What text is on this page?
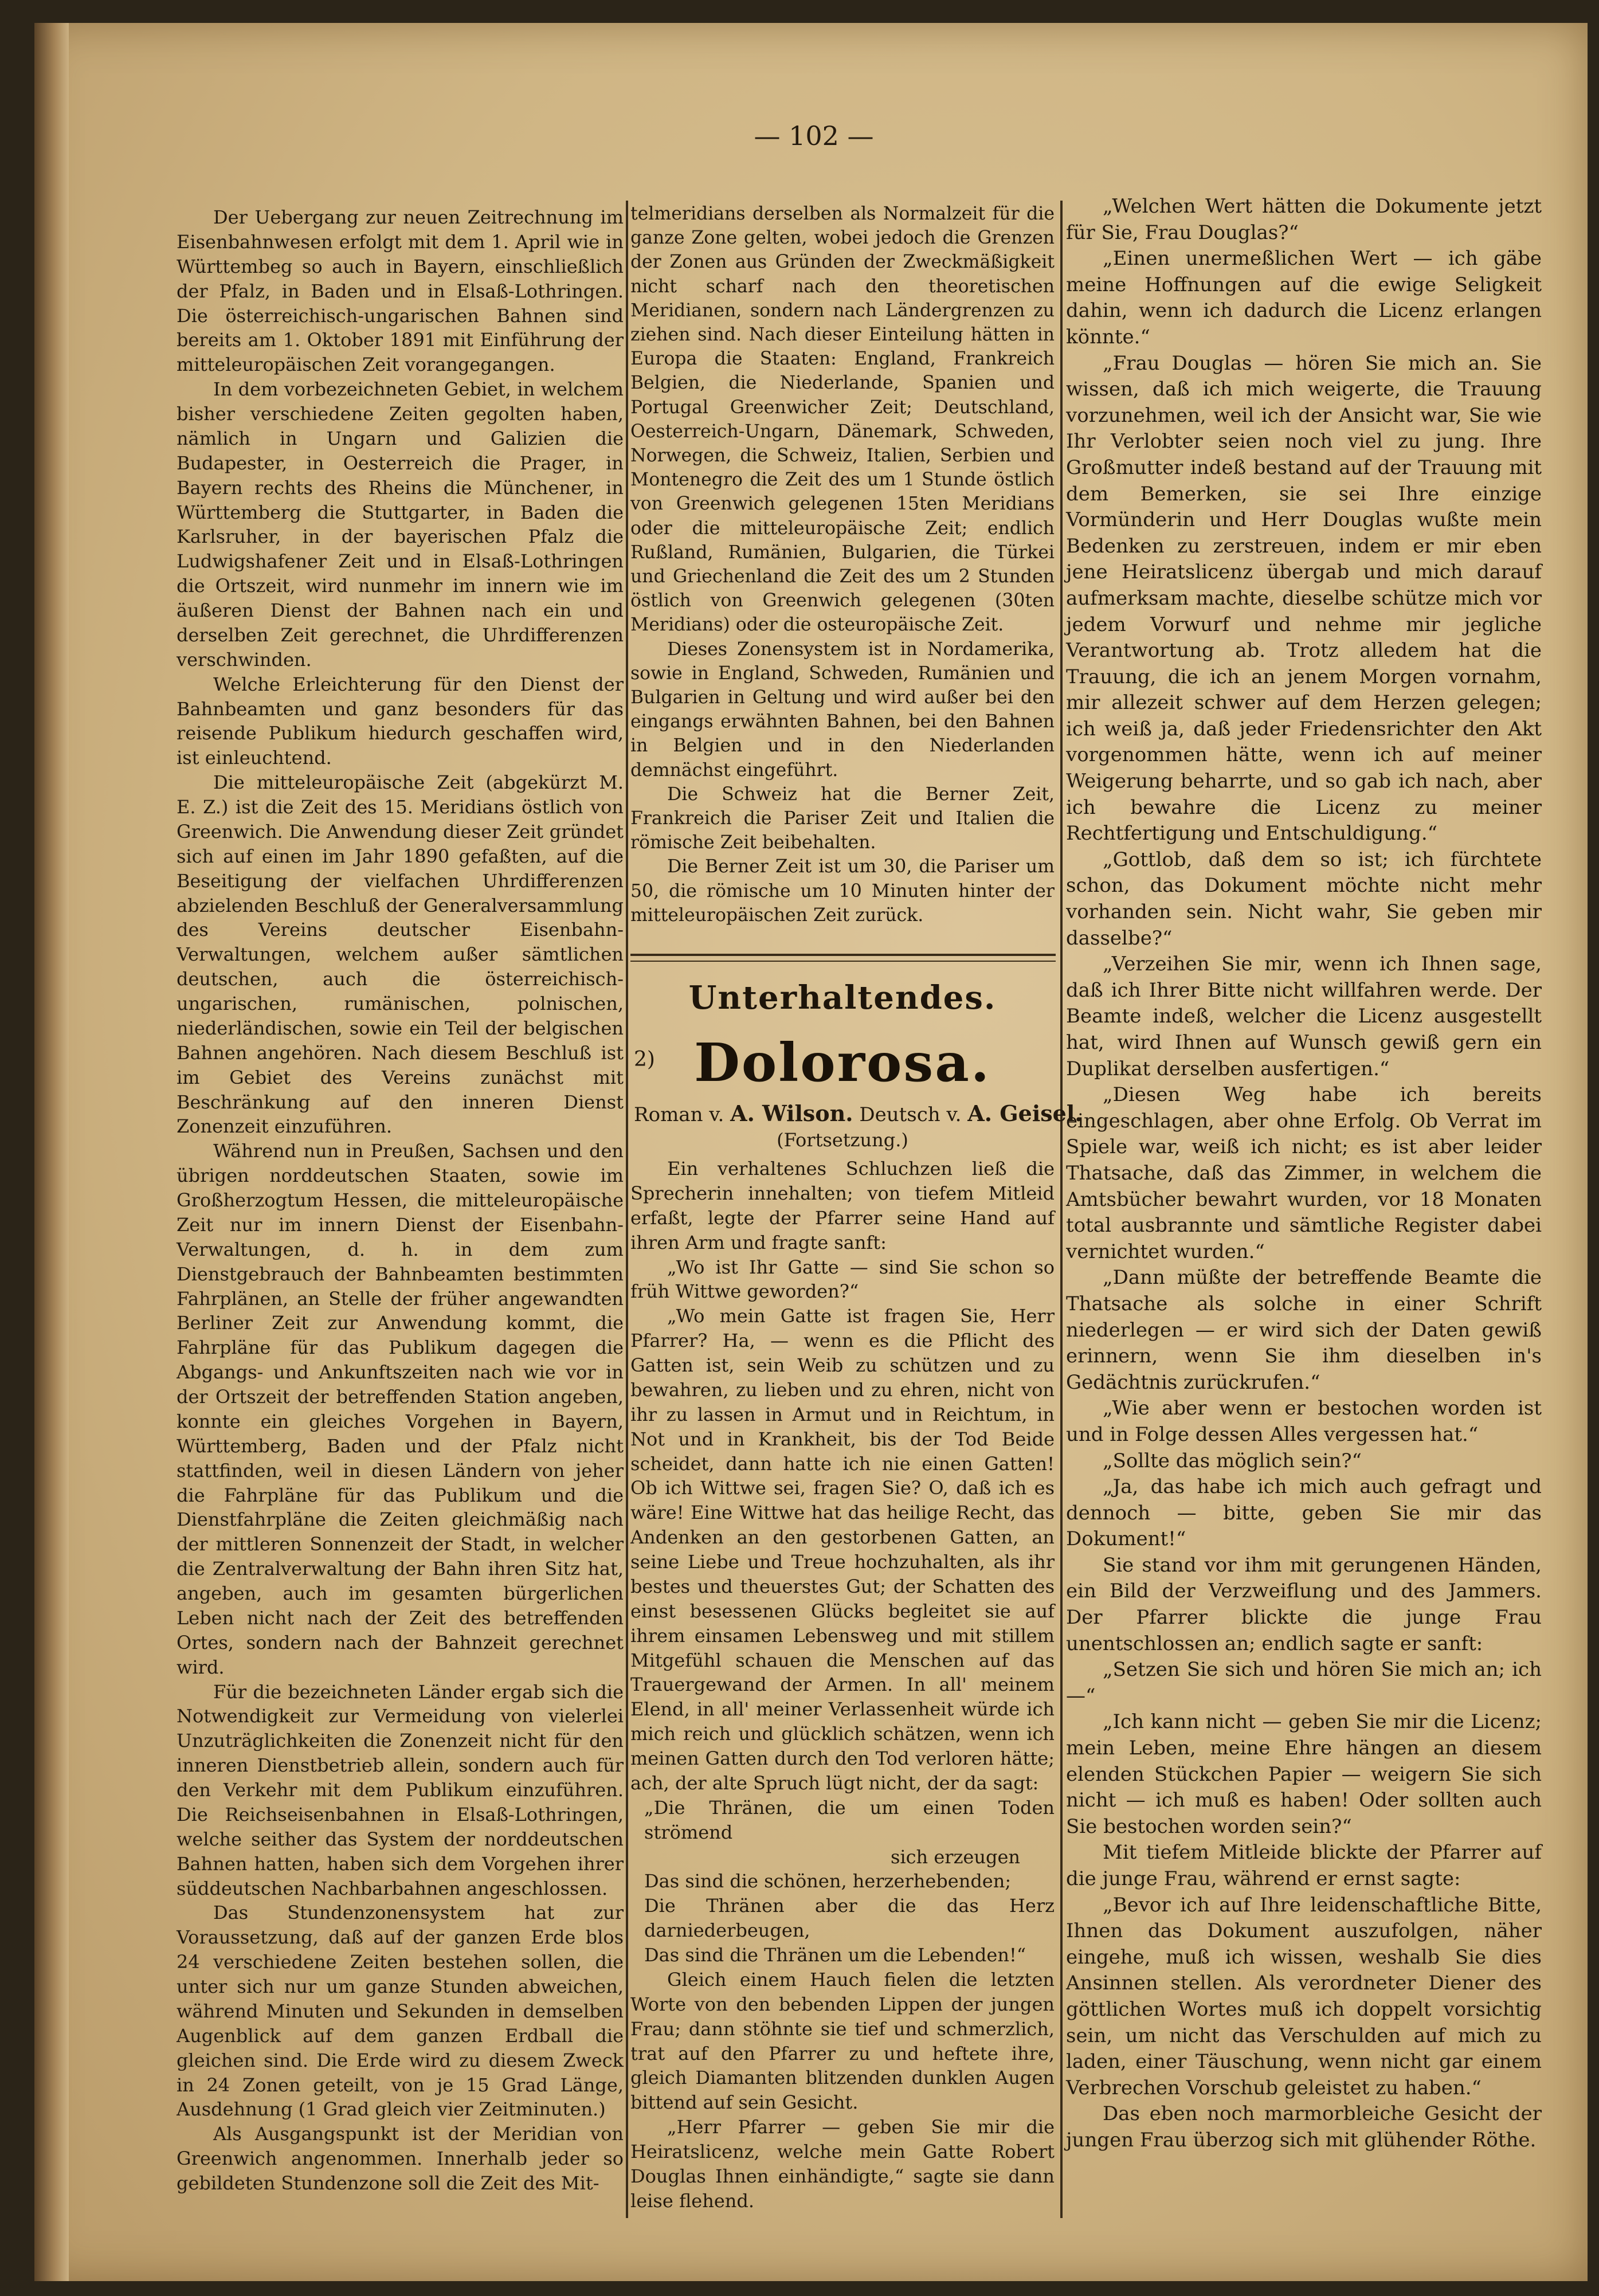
— 102 —

Der Uebergang zur neuen Zeitrechnung im Eisenbahnwesen erfolgt mit dem 1. April wie in Württembeg so auch in Bayern, einschließlich der Pfalz, in Baden und in Elsaß-Lothringen. Die österreichisch-ungarischen Bahnen sind bereits am 1. Oktober 1891 mit Einführung der mitteleuropäischen Zeit vorangegangen.

In dem vorbezeichneten Gebiet, in welchem bisher verschiedene Zeiten gegolten haben, nämlich in Ungarn und Galizien die Budapester, in Oesterreich die Prager, in Bayern rechts des Rheins die Münchener, in Württemberg die Stuttgarter, in Baden die Karlsruher, in der bayerischen Pfalz die Ludwigshafener Zeit und in Elsaß-Lothringen die Ortszeit, wird nunmehr im innern wie im äußeren Dienst der Bahnen nach ein und derselben Zeit gerechnet, die Uhrdifferenzen verschwinden.

Welche Erleichterung für den Dienst der Bahnbeamten und ganz besonders für das reisende Publikum hiedurch geschaffen wird, ist einleuchtend.

Die mitteleuropäische Zeit (abgekürzt M. E. Z.) ist die Zeit des 15. Meridians östlich von Greenwich. Die Anwendung dieser Zeit gründet sich auf einen im Jahr 1890 gefaßten, auf die Beseitigung der vielfachen Uhrdifferenzen abzielenden Beschluß der Generalversammlung des Vereins deutscher Eisenbahn-Verwaltungen, welchem außer sämtlichen deutschen, auch die österreichisch-ungarischen, rumänischen, polnischen, niederländischen, sowie ein Teil der belgischen Bahnen angehören. Nach diesem Beschluß ist im Gebiet des Vereins zunächst mit Beschränkung auf den inneren Dienst Zonenzeit einzuführen.

Während nun in Preußen, Sachsen und den übrigen norddeutschen Staaten, sowie im Großherzogtum Hessen, die mitteleuropäische Zeit nur im innern Dienst der Eisenbahn-Verwaltungen, d. h. in dem zum Dienstgebrauch der Bahnbeamten bestimmten Fahrplänen, an Stelle der früher angewandten Berliner Zeit zur Anwendung kommt, die Fahrpläne für das Publikum dagegen die Abgangs- und Ankunftszeiten nach wie vor in der Ortszeit der betreffenden Station angeben, konnte ein gleiches Vorgehen in Bayern, Württemberg, Baden und der Pfalz nicht stattfinden, weil in diesen Ländern von jeher die Fahrpläne für das Publikum und die Dienstfahrpläne die Zeiten gleichmäßig nach der mittleren Sonnenzeit der Stadt, in welcher die Zentralverwaltung der Bahn ihren Sitz hat, angeben, auch im gesamten bürgerlichen Leben nicht nach der Zeit des betreffenden Ortes, sondern nach der Bahnzeit gerechnet wird.

Für die bezeichneten Länder ergab sich die Notwendigkeit zur Vermeidung von vielerlei Unzuträglichkeiten die Zonenzeit nicht für den inneren Dienstbetrieb allein, sondern auch für den Verkehr mit dem Publikum einzuführen. Die Reichseisenbahnen in Elsaß-Lothringen, welche seither das System der norddeutschen Bahnen hatten, haben sich dem Vorgehen ihrer süddeutschen Nachbarbahnen angeschlossen.

Das Stundenzonensystem hat zur Voraussetzung, daß auf der ganzen Erde blos 24 verschiedene Zeiten bestehen sollen, die unter sich nur um ganze Stunden abweichen, während Minuten und Sekunden in demselben Augenblick auf dem ganzen Erdball die gleichen sind. Die Erde wird zu diesem Zweck in 24 Zonen geteilt, von je 15 Grad Länge, Ausdehnung (1 Grad gleich vier Zeitminuten.)

Als Ausgangspunkt ist der Meridian von Greenwich angenommen. Innerhalb jeder so gebildeten Stundenzone soll die Zeit des Mit-

telmeridians derselben als Normalzeit für die ganze Zone gelten, wobei jedoch die Grenzen der Zonen aus Gründen der Zweckmäßigkeit nicht scharf nach den theoretischen Meridianen, sondern nach Ländergrenzen zu ziehen sind. Nach dieser Einteilung hätten in Europa die Staaten: England, Frankreich Belgien, die Niederlande, Spanien und Portugal Greenwicher Zeit; Deutschland, Oesterreich-Ungarn, Dänemark, Schweden, Norwegen, die Schweiz, Italien, Serbien und Montenegro die Zeit des um 1 Stunde östlich von Greenwich gelegenen 15ten Meridians oder die mitteleuropäische Zeit; endlich Rußland, Rumänien, Bulgarien, die Türkei und Griechenland die Zeit des um 2 Stunden östlich von Greenwich gelegenen (30ten Meridians) oder die osteuropäische Zeit.

Dieses Zonensystem ist in Nordamerika, sowie in England, Schweden, Rumänien und Bulgarien in Geltung und wird außer bei den eingangs erwähnten Bahnen, bei den Bahnen in Belgien und in den Niederlanden demnächst eingeführt.

Die Schweiz hat die Berner Zeit, Frankreich die Pariser Zeit und Italien die römische Zeit beibehalten.

Die Berner Zeit ist um 30, die Pariser um 50, die römische um 10 Minuten hinter der mitteleuropäischen Zeit zurück.

Unterhaltendes.
2) Dolorosa.
Roman v. A. Wilson. Deutsch v. A. Geisel.
(Fortsetzung.)

Ein verhaltenes Schluchzen ließ die Sprecherin innehalten; von tiefem Mitleid erfaßt, legte der Pfarrer seine Hand auf ihren Arm und fragte sanft:

„Wo ist Ihr Gatte — sind Sie schon so früh Wittwe geworden?“

„Wo mein Gatte ist fragen Sie, Herr Pfarrer? Ha, — wenn es die Pflicht des Gatten ist, sein Weib zu schützen und zu bewahren, zu lieben und zu ehren, nicht von ihr zu lassen in Armut und in Reichtum, in Not und in Krankheit, bis der Tod Beide scheidet, dann hatte ich nie einen Gatten! Ob ich Wittwe sei, fragen Sie? O, daß ich es wäre! Eine Wittwe hat das heilige Recht, das Andenken an den gestorbenen Gatten, an seine Liebe und Treue hochzuhalten, als ihr bestes und theuerstes Gut; der Schatten des einst besessenen Glücks begleitet sie auf ihrem einsamen Lebensweg und mit stillem Mitgefühl schauen die Menschen auf das Trauergewand der Armen. In all' meinem Elend, in all' meiner Verlassenheit würde ich mich reich und glücklich schätzen, wenn ich meinen Gatten durch den Tod verloren hätte; ach, der alte Spruch lügt nicht, der da sagt:

„Die Thränen, die um einen Toden strömend

sich erzeugen

Das sind die schönen, herzerhebenden;

Die Thränen aber die das Herz darniederbeugen,

Das sind die Thränen um die Lebenden!“

Gleich einem Hauch fielen die letzten Worte von den bebenden Lippen der jungen Frau; dann stöhnte sie tief und schmerzlich, trat auf den Pfarrer zu und heftete ihre, gleich Diamanten blitzenden dunklen Augen bittend auf sein Gesicht.

„Herr Pfarrer — geben Sie mir die Heiratslicenz, welche mein Gatte Robert Douglas Ihnen einhändigte,“ sagte sie dann leise flehend.

„Welchen Wert hätten die Dokumente jetzt für Sie, Frau Douglas?“

„Einen unermeßlichen Wert — ich gäbe meine Hoffnungen auf die ewige Seligkeit dahin, wenn ich dadurch die Licenz erlangen könnte.“

„Frau Douglas — hören Sie mich an. Sie wissen, daß ich mich weigerte, die Trauung vorzunehmen, weil ich der Ansicht war, Sie wie Ihr Verlobter seien noch viel zu jung. Ihre Großmutter indeß bestand auf der Trauung mit dem Bemerken, sie sei Ihre einzige Vormünderin und Herr Douglas wußte mein Bedenken zu zerstreuen, indem er mir eben jene Heiratslicenz übergab und mich darauf aufmerksam machte, dieselbe schütze mich vor jedem Vorwurf und nehme mir jegliche Verantwortung ab. Trotz alledem hat die Trauung, die ich an jenem Morgen vornahm, mir allezeit schwer auf dem Herzen gelegen; ich weiß ja, daß jeder Friedensrichter den Akt vorgenommen hätte, wenn ich auf meiner Weigerung beharrte, und so gab ich nach, aber ich bewahre die Licenz zu meiner Rechtfertigung und Entschuldigung.“

„Gottlob, daß dem so ist; ich fürchtete schon, das Dokument möchte nicht mehr vorhanden sein. Nicht wahr, Sie geben mir dasselbe?“

„Verzeihen Sie mir, wenn ich Ihnen sage, daß ich Ihrer Bitte nicht willfahren werde. Der Beamte indeß, welcher die Licenz ausgestellt hat, wird Ihnen auf Wunsch gewiß gern ein Duplikat derselben ausfertigen.“

„Diesen Weg habe ich bereits eingeschlagen, aber ohne Erfolg. Ob Verrat im Spiele war, weiß ich nicht; es ist aber leider Thatsache, daß das Zimmer, in welchem die Amtsbücher bewahrt wurden, vor 18 Monaten total ausbrannte und sämtliche Register dabei vernichtet wurden.“

„Dann müßte der betreffende Beamte die Thatsache als solche in einer Schrift niederlegen — er wird sich der Daten gewiß erinnern, wenn Sie ihm dieselben in's Gedächtnis zurückrufen.“

„Wie aber wenn er bestochen worden ist und in Folge dessen Alles vergessen hat.“

„Sollte das möglich sein?“

„Ja, das habe ich mich auch gefragt und dennoch — bitte, geben Sie mir das Dokument!“

Sie stand vor ihm mit gerungenen Händen, ein Bild der Verzweiflung und des Jammers. Der Pfarrer blickte die junge Frau unentschlossen an; endlich sagte er sanft:

„Setzen Sie sich und hören Sie mich an; ich —“

„Ich kann nicht — geben Sie mir die Licenz; mein Leben, meine Ehre hängen an diesem elenden Stückchen Papier — weigern Sie sich nicht — ich muß es haben! Oder sollten auch Sie bestochen worden sein?“

Mit tiefem Mitleide blickte der Pfarrer auf die junge Frau, während er ernst sagte:

„Bevor ich auf Ihre leidenschaftliche Bitte, Ihnen das Dokument auszufolgen, näher eingehe, muß ich wissen, weshalb Sie dies Ansinnen stellen. Als verordneter Diener des göttlichen Wortes muß ich doppelt vorsichtig sein, um nicht das Verschulden auf mich zu laden, einer Täuschung, wenn nicht gar einem Verbrechen Vorschub geleistet zu haben.“

Das eben noch marmorbleiche Gesicht der jungen Frau überzog sich mit glühender Röthe.
